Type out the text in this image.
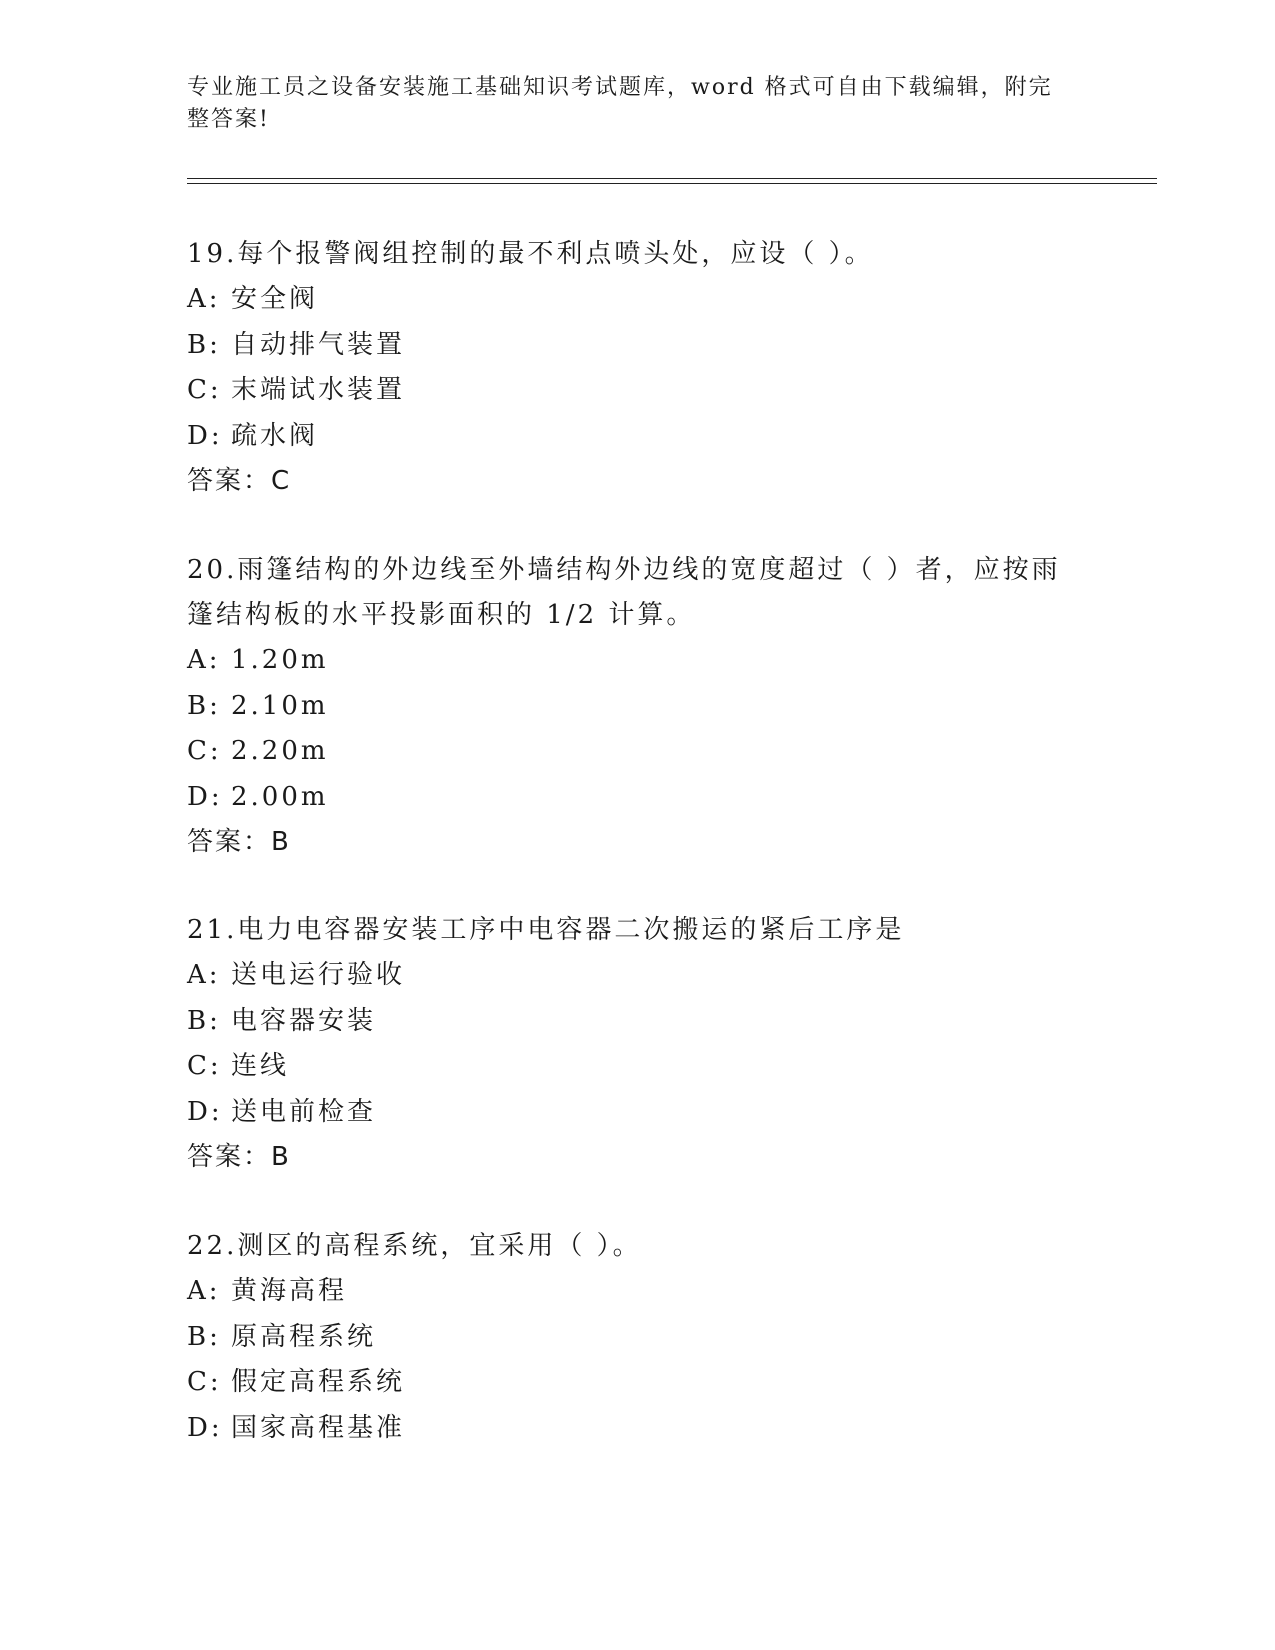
专业施工员之设备安装施工基础知识考试题库，word 格式可自由下载编辑，附完整答案!

19.每个报警阀组控制的最不利点喷头处，应设（ ）。

A: 安全阀

B: 自动排气装置

C: 末端试水装置

D: 疏水阀

答案：C

20.雨篷结构的外边线至外墙结构外边线的宽度超过（ ）者，应按雨篷结构板的水平投影面积的 1/2 计算。

A: 1.20m

B: 2.10m

C: 2.20m

D: 2.00m

答案：B

21.电力电容器安装工序中电容器二次搬运的紧后工序是

A: 送电运行验收

B: 电容器安装

C: 连线

D: 送电前检查

答案：B

22.测区的高程系统，宜采用（ ）。

A: 黄海高程

B: 原高程系统

C: 假定高程系统

D: 国家高程基准
